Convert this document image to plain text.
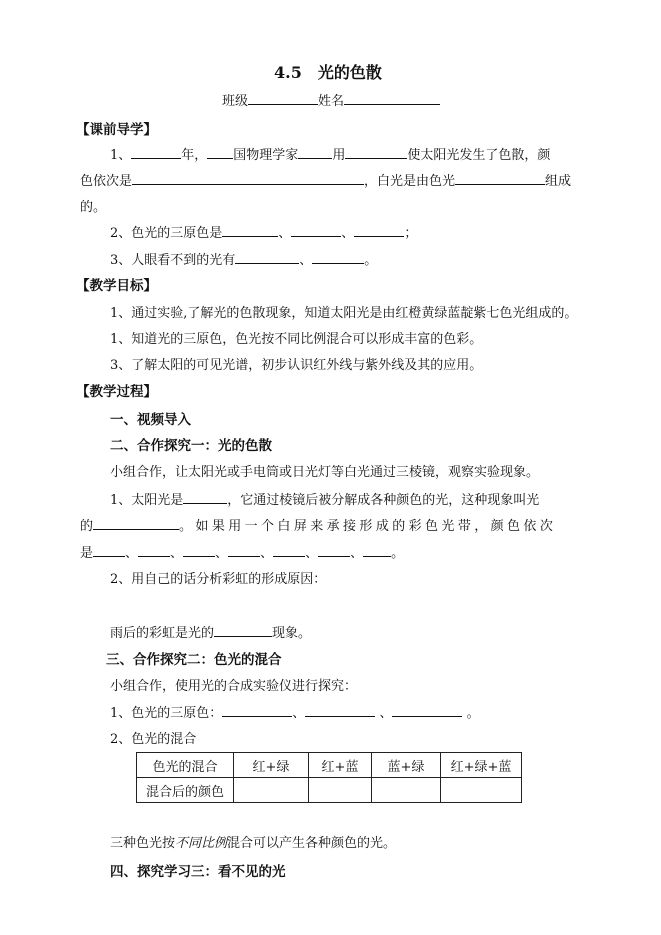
4.5　光的色散
班级	姓名
【课前导学】
1、	年， 国物理学家	用	使太阳光发生了色散，颜
色依次是	，白光是由色光	组成
的。
2、色光的三原色是	、	、	；
3、人眼看不到的光有	、	。
【教学目标】
1、通过实验,了解光的色散现象，知道太阳光是由红橙黄绿蓝靛紫七色光组成的。
1、知道光的三原色，色光按不同比例混合可以形成丰富的色彩。
3、了解太阳的可见光谱，初步认识红外线与紫外线及其的应用。
【教学过程】
一、视频导入
二、合作探究一：光的色散
小组合作，让太阳光或手电筒或日光灯等白光通过三棱镜，观察实验现象。
1、太阳光是	，它通过棱镜后被分解成各种颜色的光，这种现象叫光
的	。如果用一个白屏来承接形成的彩色光带，颜色依次
是 、 、 、 、 、 、 。
2、用自己的话分析彩虹的形成原因：
雨后的彩虹是光的	现象。
三、合作探究二：色光的混合
小组合作，使用光的合成实验仪进行探究：
1、色光的三原色：	、	、	。
2、色光的混合
色光的混合	红+绿	红+蓝	蓝+绿	红+绿+蓝
混合后的颜色				
三种色光按不同比例混合可以产生各种颜色的光。
四、探究学习三：看不见的光
